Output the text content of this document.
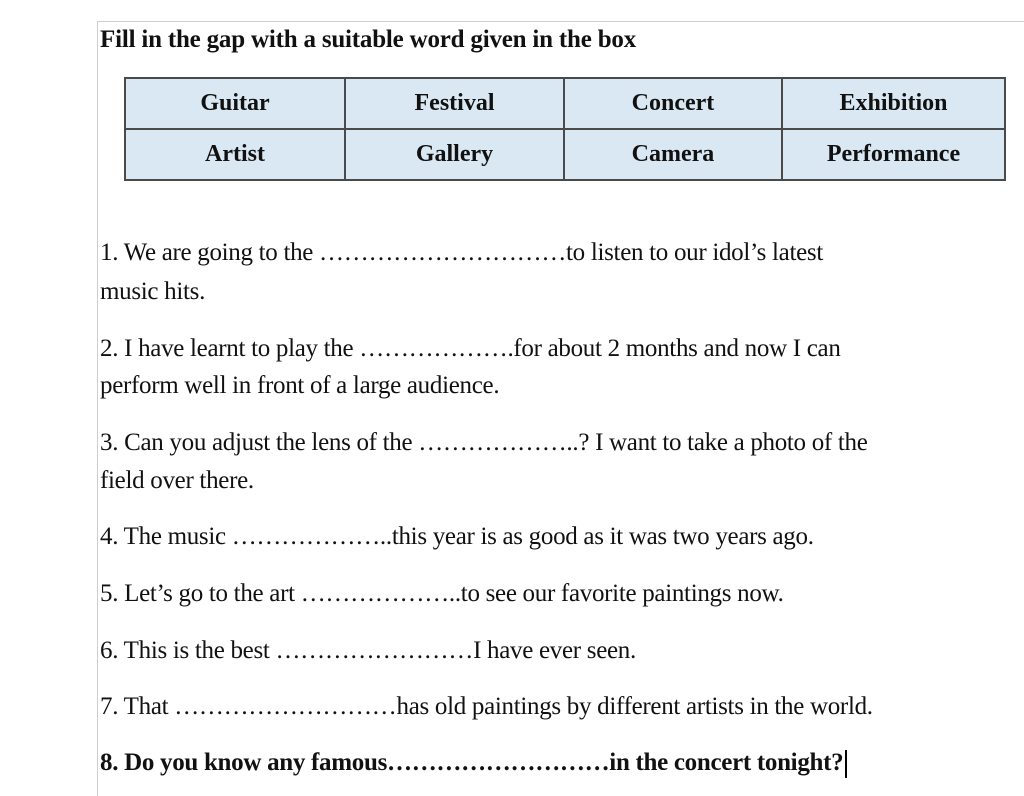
Fill in the gap with a suitable word given in the box
Guitar	Festival	Concert	Exhibition
Artist	Gallery	Camera	Performance
1. We are going to the …………………………to listen to our idol’s latest
music hits.
2. I have learnt to play the ……………….for about 2 months and now I can
perform well in front of a large audience.
3. Can you adjust the lens of the ………………..? I want to take a photo of the
field over there.
4. The music ………………..this year is as good as it was two years ago.
5. Let’s go to the art ………………..to see our favorite paintings now.
6. This is the best ……………………I have ever seen.
7. That ………………………has old paintings by different artists in the world.
8. Do you know any famous………………………in the concert tonight?
